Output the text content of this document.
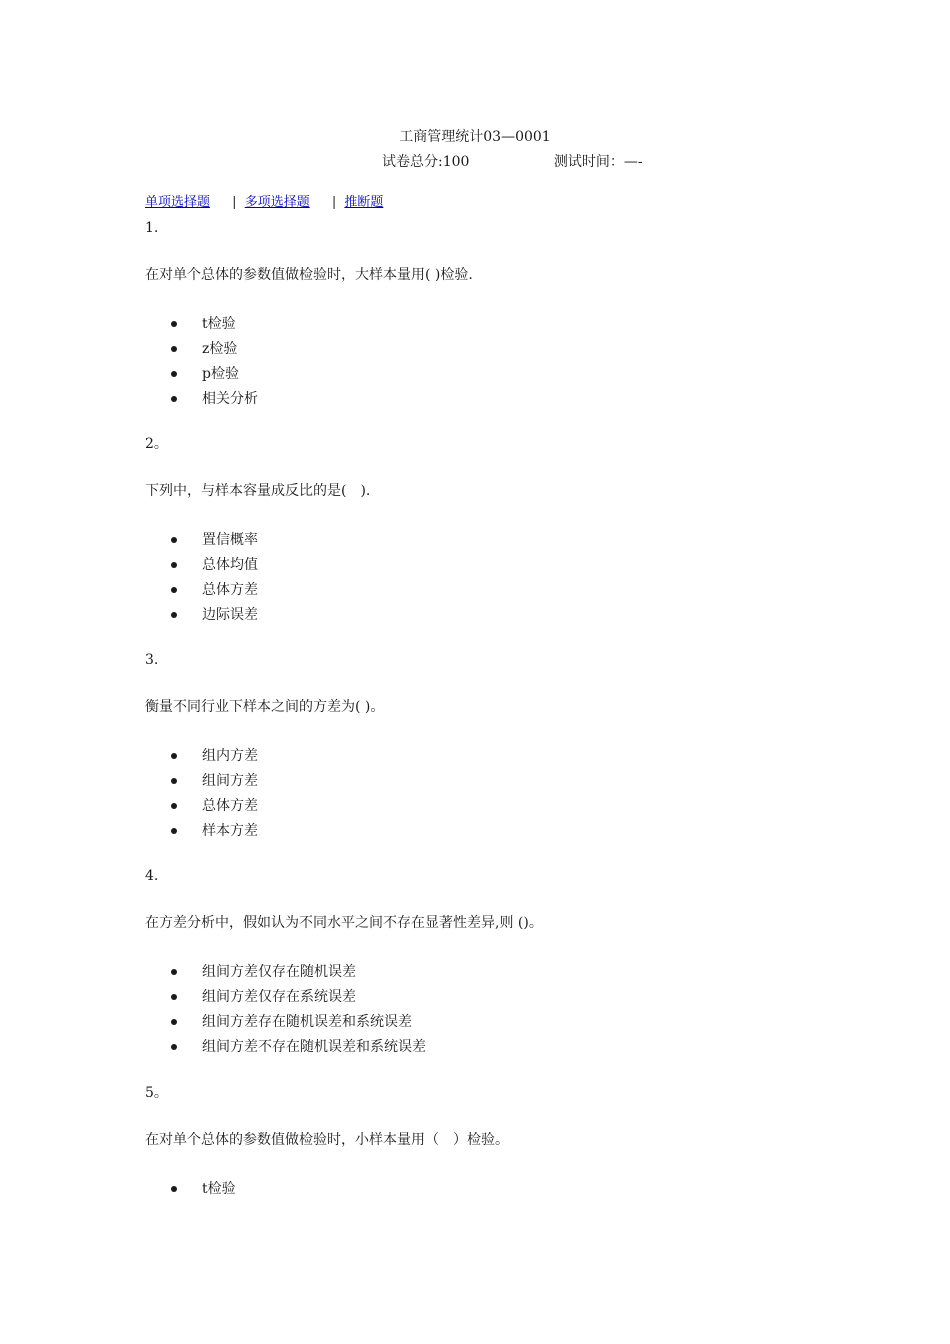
工商管理统计03—0001
试卷总分:100	测试时间：—-
单项选择题 | 多项选择题 | 推断题
1.
在对单个总体的参数值做检验时，大样本量用( )检验.
t检验
z检验
p检验
相关分析
2。
下列中，与样本容量成反比的是(　).
置信概率
总体均值
总体方差
边际误差
3.
衡量不同行业下样本之间的方差为( )。
组内方差
组间方差
总体方差
样本方差
4.
在方差分析中，假如认为不同水平之间不存在显著性差异,则 ()。
组间方差仅存在随机误差
组间方差仅存在系统误差
组间方差存在随机误差和系统误差
组间方差不存在随机误差和系统误差
5。
在对单个总体的参数值做检验时，小样本量用（　）检验。
t检验
